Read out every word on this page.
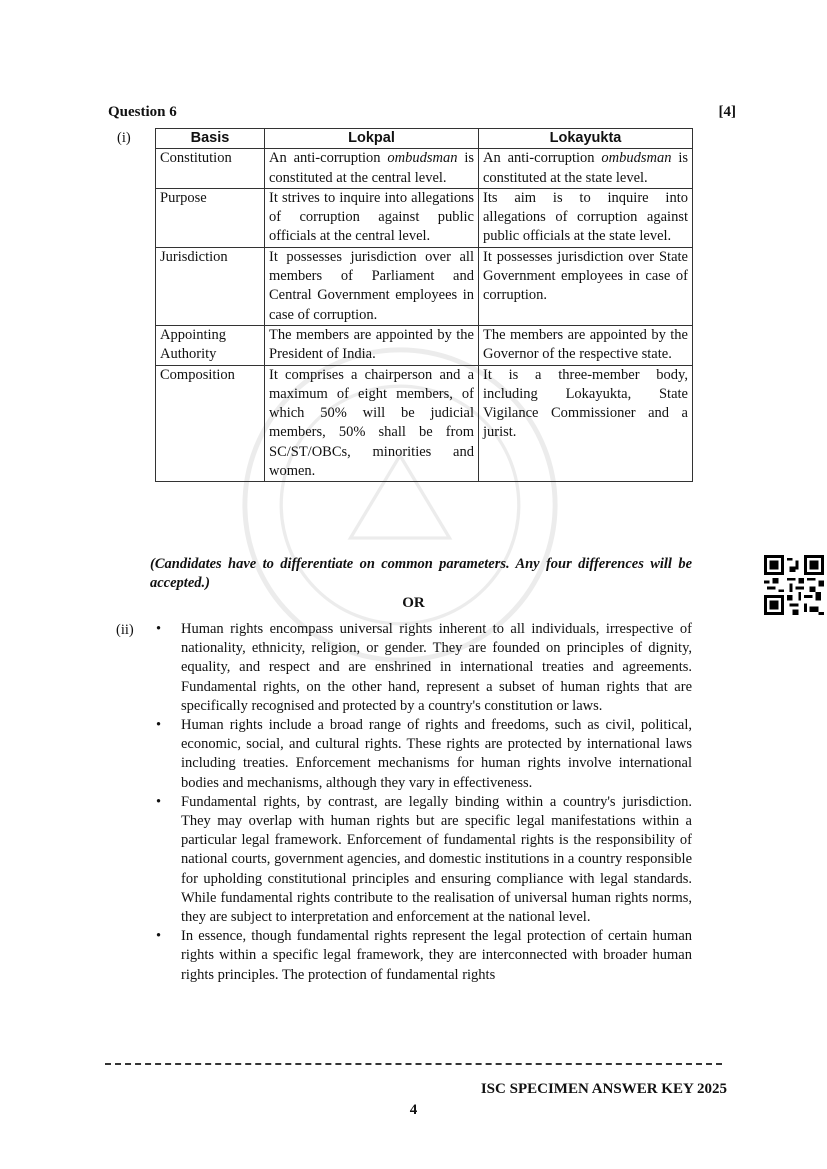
Question 6	[4]
(i)	Basis	Lokpal	Lokayukta
Constitution	An anti-corruption ombudsman is constituted at the central level.	An anti-corruption ombudsman is constituted at the state level.
Purpose	It strives to inquire into allegations of corruption against public officials at the central level.	Its aim is to inquire into allegations of corruption against public officials at the state level.
Jurisdiction	It possesses jurisdiction over all members of Parliament and Central Government employees in case of corruption.	It possesses jurisdiction over State Government employees in case of corruption.
Appointing Authority	The members are appointed by the President of India.	The members are appointed by the Governor of the respective state.
Composition	It comprises a chairperson and a maximum of eight members, of which 50% will be judicial members, 50% shall be from SC/ST/OBCs, minorities and women.	It is a three-member body, including Lokayukta, State Vigilance Commissioner and a jurist.
(Candidates have to differentiate on common parameters. Any four differences will be accepted.)
OR
(ii) • Human rights encompass universal rights inherent to all individuals, irrespective of nationality, ethnicity, religion, or gender. They are founded on principles of dignity, equality, and respect and are enshrined in international treaties and agreements. Fundamental rights, on the other hand, represent a subset of human rights that are specifically recognised and protected by a country's constitution or laws.
• Human rights include a broad range of rights and freedoms, such as civil, political, economic, social, and cultural rights. These rights are protected by international laws including treaties. Enforcement mechanisms for human rights involve international bodies and mechanisms, although they vary in effectiveness.
• Fundamental rights, by contrast, are legally binding within a country's jurisdiction. They may overlap with human rights but are specific legal manifestations within a particular legal framework. Enforcement of fundamental rights is the responsibility of national courts, government agencies, and domestic institutions in a country responsible for upholding constitutional principles and ensuring compliance with legal standards. While fundamental rights contribute to the realisation of universal human rights norms, they are subject to interpretation and enforcement at the national level.
• In essence, though fundamental rights represent the legal protection of certain human rights within a specific legal framework, they are interconnected with broader human rights principles. The protection of fundamental rights
ISC SPECIMEN ANSWER KEY 2025
4
